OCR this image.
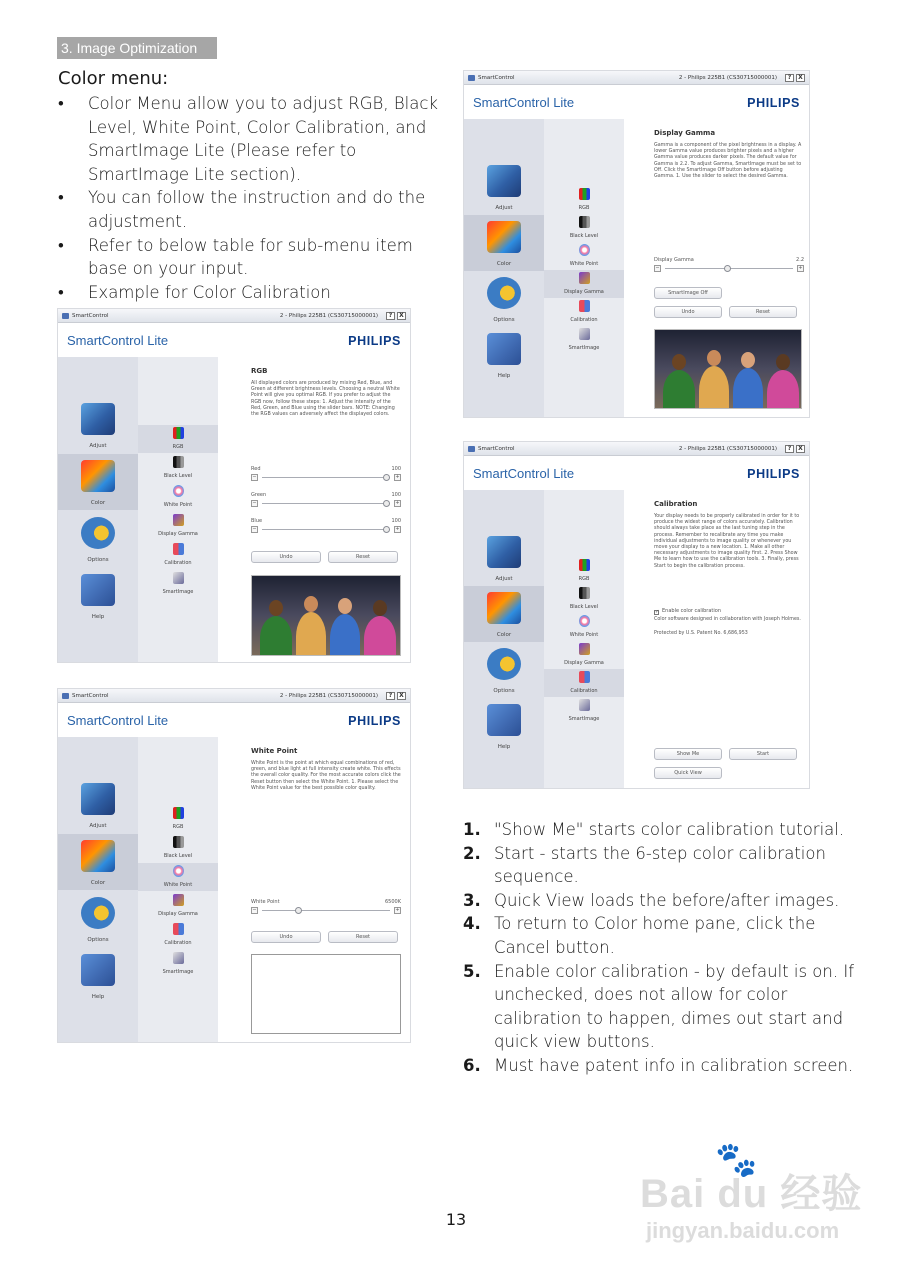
3. Image Optimization
Color menu:
• Color Menu allow you to adjust RGB, Black Level, White Point, Color Calibration, and SmartImage Lite (Please refer to SmartImage Lite section).
• You can follow the instruction and do the adjustment.
• Refer to below table for sub-menu item base on your input.
• Example for Color Calibration
SmartControl	2 - Philips 225B1 (CS30715000001)	?	X
SmartControl Lite	PHILIPS
Adjust
Color
Options
Help
RGB
Black Level
White Point
Display Gamma
Calibration
SmartImage
RGB
All displayed colors are produced by mixing Red, Blue, and Green at different brightness levels. Choosing a neutral White Point will give you optimal RGB. If you prefer to adjust the RGB now, follow these steps: 1. Adjust the intensity of the Red, Green, and Blue using the slider bars. NOTE: Changing the RGB values can adversely affect the displayed colors.
Red	100
−	+
Green	100
−	+
Blue	100
−	+
Undo	Reset
SmartControl	2 - Philips 225B1 (CS30715000001)	?	X
SmartControl Lite	PHILIPS
Adjust
Color
Options
Help
RGB
Black Level
White Point
Display Gamma
Calibration
SmartImage
White Point
White Point is the point at which equal combinations of red, green, and blue light at full intensity create white. This effects the overall color quality. For the most accurate colors click the Reset button then select the White Point. 1. Please select the White Point value for the best possible color quality.
White Point	6500K
−	+
Undo	Reset
SmartControl	2 - Philips 225B1 (CS30715000001)	?	X
SmartControl Lite	PHILIPS
Adjust
Color
Options
Help
RGB
Black Level
White Point
Display Gamma
Calibration
SmartImage
Display Gamma
Gamma is a component of the pixel brightness in a display. A lower Gamma value produces brighter pixels and a higher Gamma value produces darker pixels. The default value for Gamma is 2.2. To adjust Gamma, SmartImage must be set to Off. Click the SmartImage Off button before adjusting Gamma. 1. Use the slider to select the desired Gamma.
Display Gamma	2.2
−	+
SmartImage Off
Undo	Reset
SmartControl	2 - Philips 225B1 (CS30715000001)	?	X
SmartControl Lite	PHILIPS
Adjust
Color
Options
Help
RGB
Black Level
White Point
Display Gamma
Calibration
SmartImage
Calibration
Your display needs to be properly calibrated in order for it to produce the widest range of colors accurately. Calibration should always take place as the last tuning step in the process. Remember to recalibrate any time you make individual adjustments to image quality or whenever you move your display to a new location. 1. Make all other necessary adjustments to image quality first. 2. Press Show Me to learn how to use the calibration tools. 3. Finally, press Start to begin the calibration process.
✓ Enable color calibration
Color software designed in collaboration with Joseph Holmes.
Protected by U.S. Patent No. 6,686,953
Show Me	Start
Quick View
1. "Show Me" starts color calibration tutorial.
2. Start - starts the 6-step color calibration sequence.
3. Quick View loads the before/after images.
4. To return to Color home pane, click the Cancel button.
5. Enable color calibration - by default is on. If unchecked, does not allow for color calibration to happen, dimes out start and quick view buttons.
6. Must have patent info in calibration screen.
13
🐾
Bai du 经验
jingyan.baidu.com
